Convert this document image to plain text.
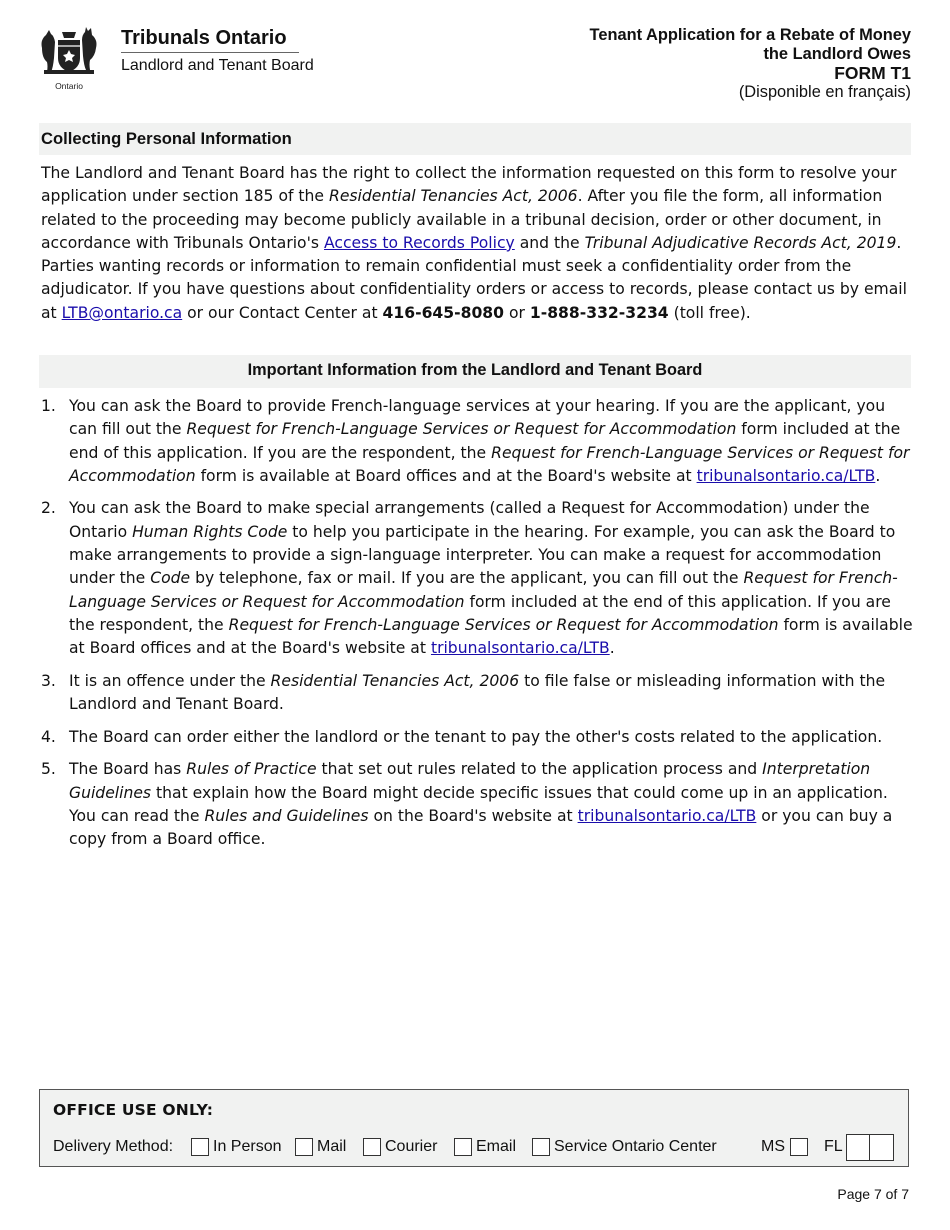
Ontario
Tribunals Ontario
Landlord and Tenant Board
Tenant Application for a Rebate of Money
the Landlord Owes
FORM T1
(Disponible en français)
Collecting Personal Information
The Landlord and Tenant Board has the right to collect the information requested on this form to resolve your application under section 185 of the Residential Tenancies Act, 2006. After you file the form, all information related to the proceeding may become publicly available in a tribunal decision, order or other document, in accordance with Tribunals Ontario's Access to Records Policy and the Tribunal Adjudicative Records Act, 2019. Parties wanting records or information to remain confidential must seek a confidentiality order from the adjudicator. If you have questions about confidentiality orders or access to records, please contact us by email at LTB@ontario.ca or our Contact Center at 416-645-8080 or 1-888-332-3234 (toll free).
Important Information from the Landlord and Tenant Board
1. You can ask the Board to provide French-language services at your hearing. If you are the applicant, you can fill out the Request for French-Language Services or Request for Accommodation form included at the end of this application. If you are the respondent, the Request for French-Language Services or Request for Accommodation form is available at Board offices and at the Board's website at tribunalsontario.ca/LTB.
2. You can ask the Board to make special arrangements (called a Request for Accommodation) under the Ontario Human Rights Code to help you participate in the hearing. For example, you can ask the Board to make arrangements to provide a sign-language interpreter. You can make a request for accommodation under the Code by telephone, fax or mail. If you are the applicant, you can fill out the Request for French-Language Services or Request for Accommodation form included at the end of this application. If you are the respondent, the Request for French-Language Services or Request for Accommodation form is available at Board offices and at the Board's website at tribunalsontario.ca/LTB.
3. It is an offence under the Residential Tenancies Act, 2006 to file false or misleading information with the Landlord and Tenant Board.
4. The Board can order either the landlord or the tenant to pay the other's costs related to the application.
5. The Board has Rules of Practice that set out rules related to the application process and Interpretation Guidelines that explain how the Board might decide specific issues that could come up in an application. You can read the Rules and Guidelines on the Board's website at tribunalsontario.ca/LTB or you can buy a copy from a Board office.
OFFICE USE ONLY:
Delivery Method: In Person Mail Courier Email Service Ontario Center	MS FL
Page 7 of 7
